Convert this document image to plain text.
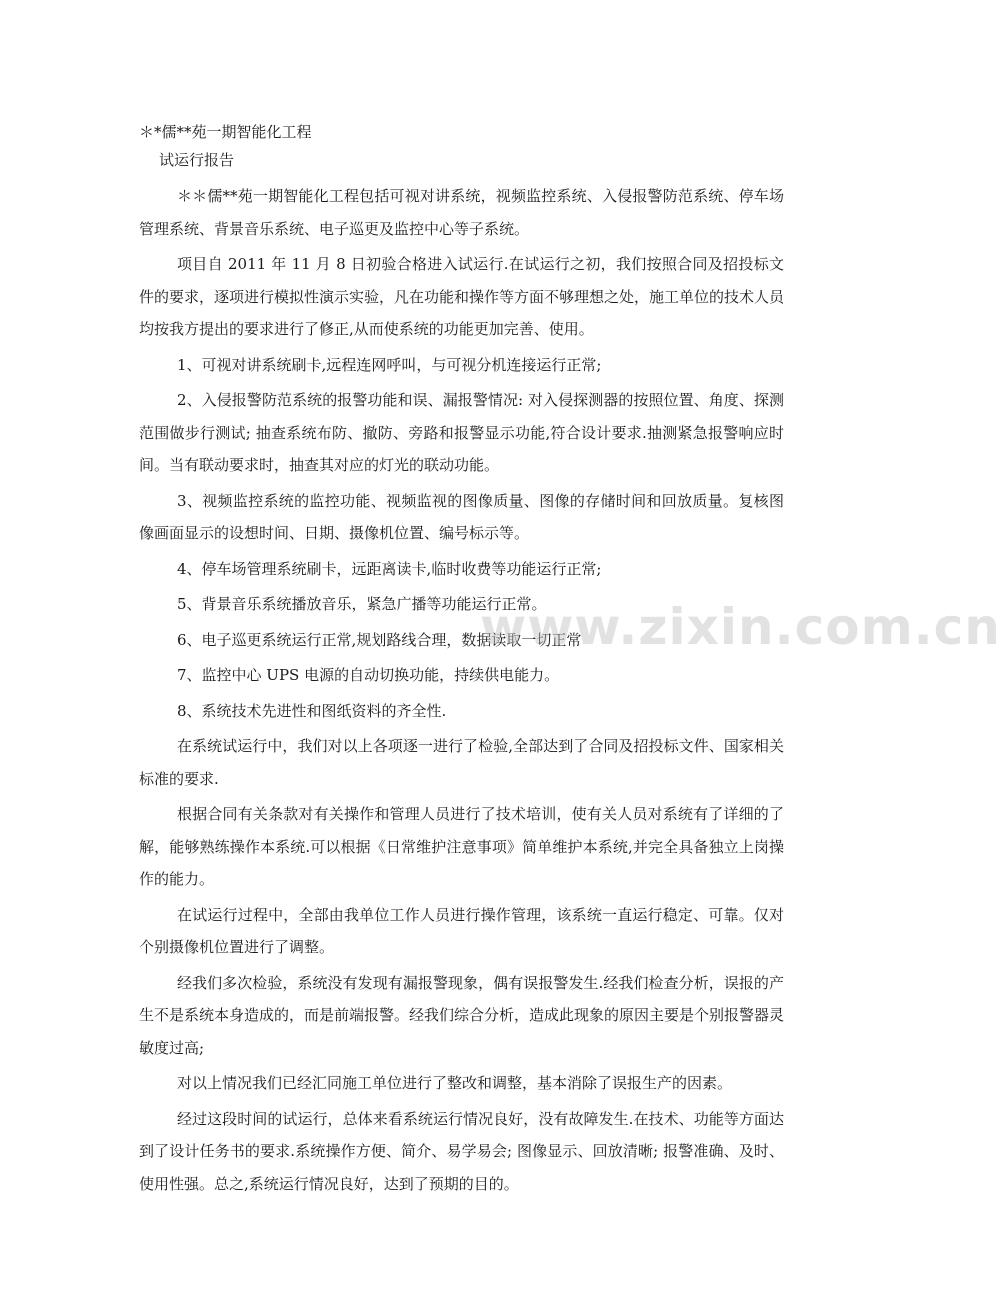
＊*儒**苑一期智能化工程

试运行报告

＊＊儒**苑一期智能化工程包括可视对讲系统，视频监控系统、入侵报警防范系统、停车场管理系统、背景音乐系统、电子巡更及监控中心等子系统。

项目自 2011 年 11 月 8 日初验合格进入试运行.在试运行之初，我们按照合同及招投标文件的要求，逐项进行模拟性演示实验，凡在功能和操作等方面不够理想之处，施工单位的技术人员均按我方提出的要求进行了修正,从而使系统的功能更加完善、使用。

1、可视对讲系统刷卡,远程连网呼叫，与可视分机连接运行正常;

2、入侵报警防范系统的报警功能和误、漏报警情况: 对入侵探测器的按照位置、角度、探测范围做步行测试; 抽查系统布防、撤防、旁路和报警显示功能,符合设计要求.抽测紧急报警响应时间。当有联动要求时，抽查其对应的灯光的联动功能。

3、视频监控系统的监控功能、视频监视的图像质量、图像的存储时间和回放质量。复核图像画面显示的设想时间、日期、摄像机位置、编号标示等。

4、停车场管理系统刷卡，远距离读卡,临时收费等功能运行正常;

5、背景音乐系统播放音乐，紧急广播等功能运行正常。

6、电子巡更系统运行正常,规划路线合理，数据读取一切正常

7、监控中心 UPS 电源的自动切换功能，持续供电能力。

8、系统技术先进性和图纸资料的齐全性.

在系统试运行中，我们对以上各项逐一进行了检验,全部达到了合同及招投标文件、国家相关标准的要求.

根据合同有关条款对有关操作和管理人员进行了技术培训，使有关人员对系统有了详细的了解，能够熟练操作本系统.可以根据《日常维护注意事项》简单维护本系统,并完全具备独立上岗操作的能力。

在试运行过程中，全部由我单位工作人员进行操作管理，该系统一直运行稳定、可靠。仅对个别摄像机位置进行了调整。

经我们多次检验，系统没有发现有漏报警现象，偶有误报警发生.经我们检查分析，误报的产生不是系统本身造成的，而是前端报警。经我们综合分析，造成此现象的原因主要是个别报警器灵敏度过高;

对以上情况我们已经汇同施工单位进行了整改和调整，基本消除了误报生产的因素。

经过这段时间的试运行，总体来看系统运行情况良好，没有故障发生.在技术、功能等方面达到了设计任务书的要求.系统操作方便、简介、易学易会; 图像显示、回放清晰; 报警准确、及时、使用性强。总之,系统运行情况良好，达到了预期的目的。

www.zixin.com.cn
